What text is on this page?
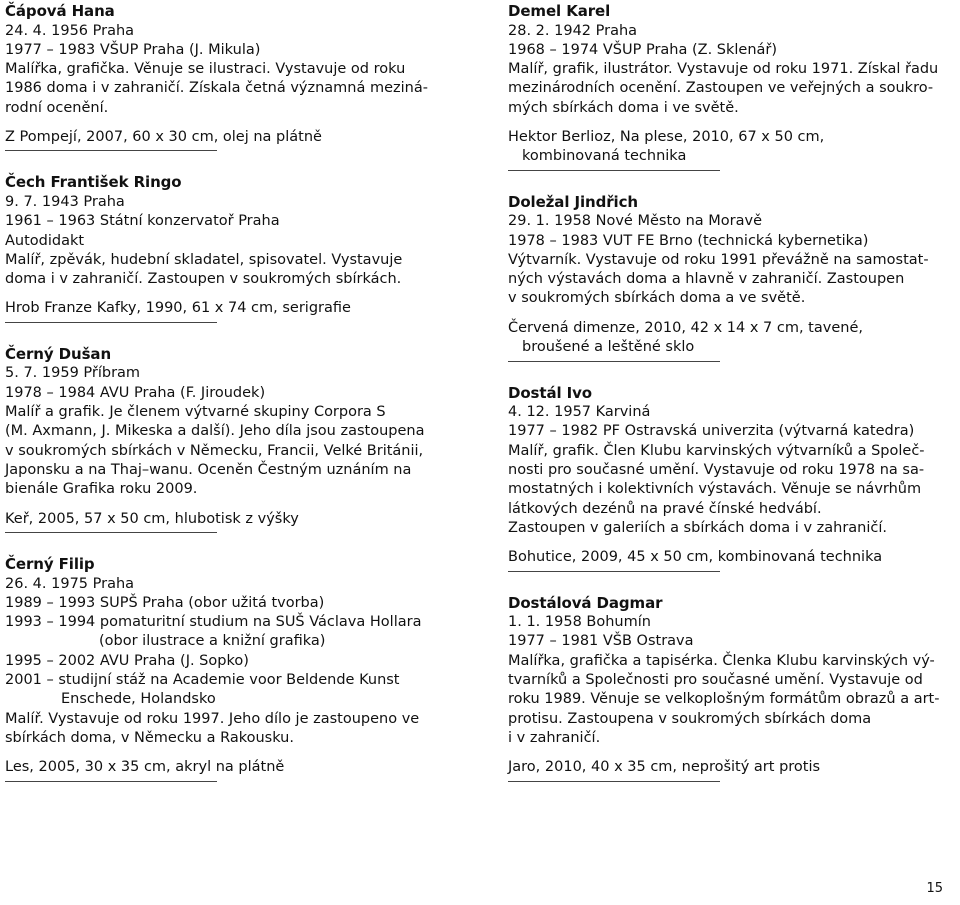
Čápová Hana
24. 4. 1956 Praha
1977 – 1983 VŠUP Praha (J. Mikula)
Malířka, grafička. Věnuje se ilustraci. Vystavuje od roku
1986 doma i v zahraničí. Získala četná významná meziná-
rodní ocenění.
Z Pompejí, 2007, 60 x 30 cm, olej na plátně
Čech František Ringo
9. 7. 1943 Praha
1961 – 1963 Státní konzervatoř Praha
Autodidakt
Malíř, zpěvák, hudební skladatel, spisovatel. Vystavuje
doma i v zahraničí. Zastoupen v soukromých sbírkách.
Hrob Franze Kafky, 1990, 61 x 74 cm, serigrafie
Černý Dušan
5. 7. 1959 Příbram
1978 – 1984 AVU Praha (F. Jiroudek)
Malíř a grafik. Je členem výtvarné skupiny Corpora S
(M. Axmann, J. Mikeska a další). Jeho díla jsou zastoupena
v soukromých sbírkách v Německu, Francii, Velké Británii,
Japonsku a na Thaj–wanu. Oceněn Čestným uznáním na
bienále Grafika roku 2009.
Keř, 2005, 57 x 50 cm, hlubotisk z výšky
Černý Filip
26. 4. 1975 Praha
1989 – 1993 SUPŠ Praha (obor užitá tvorba)
1993 – 1994 pomaturitní studium na SUŠ Václava Hollara
(obor ilustrace a knižní grafika)
1995 – 2002 AVU Praha (J. Sopko)
2001 – studijní stáž na Academie voor Beldende Kunst
Enschede, Holandsko
Malíř. Vystavuje od roku 1997. Jeho dílo je zastoupeno ve
sbírkách doma, v Německu a Rakousku.
Les, 2005, 30 x 35 cm, akryl na plátně
Demel Karel
28. 2. 1942 Praha
1968 – 1974 VŠUP Praha (Z. Sklenář)
Malíř, grafik, ilustrátor. Vystavuje od roku 1971. Získal řadu
mezinárodních ocenění. Zastoupen ve veřejných a soukro-
mých sbírkách doma i ve světě.
Hektor Berlioz, Na plese, 2010, 67 x 50 cm,
kombinovaná technika
Doležal Jindřich
29. 1. 1958 Nové Město na Moravě
1978 – 1983 VUT FE Brno (technická kybernetika)
Výtvarník. Vystavuje od roku 1991 převážně na samostat-
ných výstavách doma a hlavně v zahraničí. Zastoupen
v soukromých sbírkách doma a ve světě.
Červená dimenze, 2010, 42 x 14 x 7 cm, tavené,
broušené a leštěné sklo
Dostál Ivo
4. 12. 1957 Karviná
1977 – 1982 PF Ostravská univerzita (výtvarná katedra)
Malíř, grafik. Člen Klubu karvinských výtvarníků a Společ-
nosti pro současné umění. Vystavuje od roku 1978 na sa-
mostatných i kolektivních výstavách. Věnuje se návrhům
látkových dezénů na pravé čínské hedvábí.
Zastoupen v galeriích a sbírkách doma i v zahraničí.
Bohutice, 2009, 45 x 50 cm, kombinovaná technika
Dostálová Dagmar
1. 1. 1958 Bohumín
1977 – 1981 VŠB Ostrava
Malířka, grafička a tapisérka. Členka Klubu karvinských vý-
tvarníků a Společnosti pro současné umění. Vystavuje od
roku 1989. Věnuje se velkoplošným formátům obrazů a art-
protisu. Zastoupena v soukromých sbírkách doma
i v zahraničí.
Jaro, 2010, 40 x 35 cm, neprošitý art protis
15
